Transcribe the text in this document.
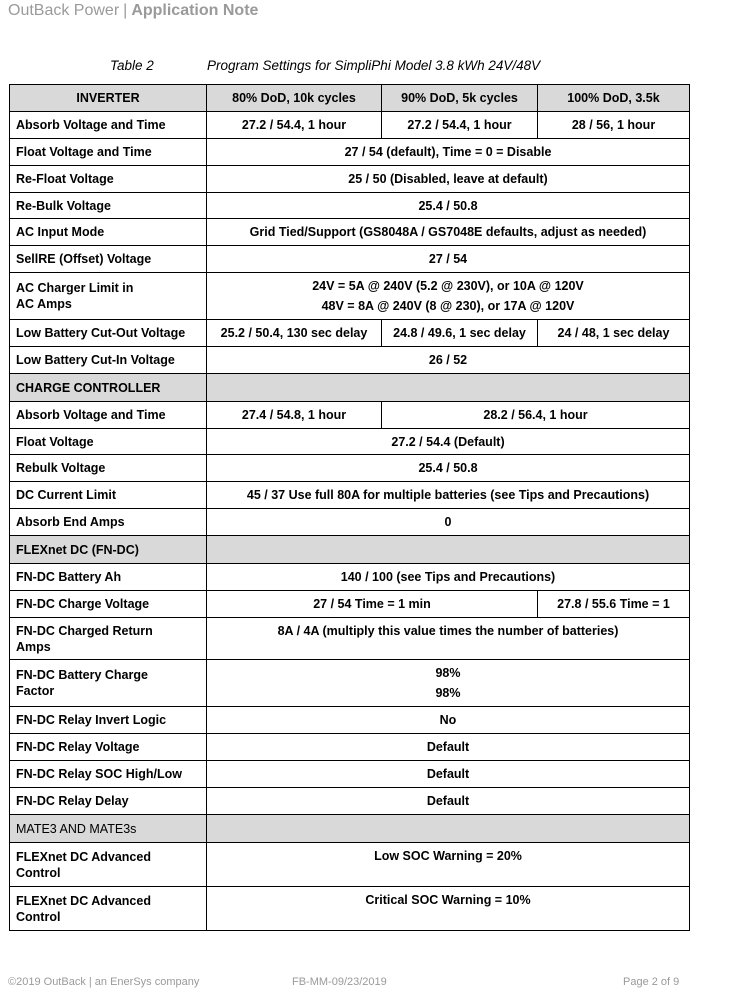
OutBack Power | Application Note
Table 2	Program Settings for SimpliPhi Model 3.8 kWh 24V/48V
INVERTER	80% DoD, 10k cycles	90% DoD, 5k cycles	100% DoD, 3.5k
Absorb Voltage and Time	27.2 / 54.4, 1 hour	27.2 / 54.4, 1 hour	28 / 56, 1 hour
Float Voltage and Time	27 / 54 (default), Time = 0 = Disable		
Re-Float Voltage	25 / 50 (Disabled, leave at default)		
Re-Bulk Voltage	25.4 / 50.8		
AC Input Mode	Grid Tied/Support (GS8048A / GS7048E defaults, adjust as needed)		
SellRE (Offset) Voltage	27 / 54		

AC Charger Limit in
AC Amps	24V = 5A @ 240V (5.2 @ 230V), or 10A @ 120V
48V = 8A @ 240V (8 @ 230), or 17A @ 120V		

Low Battery Cut-Out Voltage	25.2 / 50.4, 130 sec delay	24.8 / 49.6, 1 sec delay	24 / 48, 1 sec delay
Low Battery Cut-In Voltage	26 / 52		
CHARGE CONTROLLER			
Absorb Voltage and Time	27.4 / 54.8, 1 hour	28.2 / 56.4, 1 hour	
Float Voltage	27.2 / 54.4 (Default)		
Rebulk Voltage	25.4 / 50.8		
DC Current Limit	45 / 37 Use full 80A for multiple batteries (see Tips and Precautions)		
Absorb End Amps	0		
FLEXnet DC (FN-DC)			
FN-DC Battery Ah	140 / 100 (see Tips and Precautions)		
FN-DC Charge Voltage	27 / 54 Time = 1 min		27.8 / 55.6 Time = 1

FN-DC Charged Return
Amps	8A / 4A (multiply this value times the number of batteries)		

FN-DC Battery Charge
Factor	98%
98%		

FN-DC Relay Invert Logic	No		
FN-DC Relay Voltage	Default		
FN-DC Relay SOC High/Low	Default		
FN-DC Relay Delay	Default		
MATE3 AND MATE3s			

FLEXnet DC Advanced
Control	Low SOC Warning = 20%		

FLEXnet DC Advanced
Control	Critical SOC Warning = 10%		
©2019 OutBack | an EnerSys company	FB-MM-09/23/2019	Page 2 of 9
